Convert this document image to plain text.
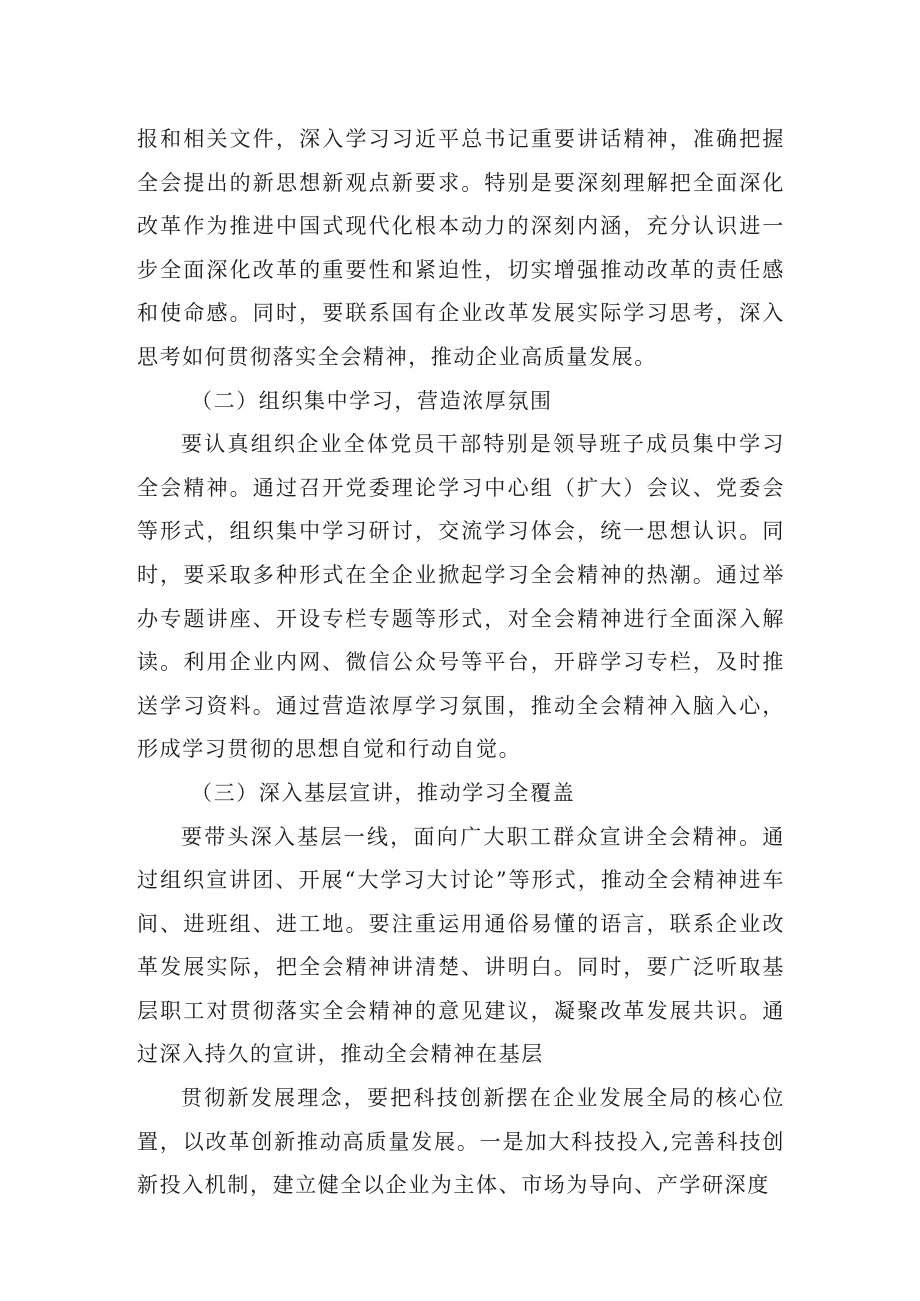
报和相关文件，深入学习习近平总书记重要讲话精神，准确把握全会提出的新思想新观点新要求。特别是要深刻理解把全面深化改革作为推进中国式现代化根本动力的深刻内涵，充分认识进一步全面深化改革的重要性和紧迫性，切实增强推动改革的责任感和使命感。同时，要联系国有企业改革发展实际学习思考，深入思考如何贯彻落实全会精神，推动企业高质量发展。

（二）组织集中学习，营造浓厚氛围

要认真组织企业全体党员干部特别是领导班子成员集中学习全会精神。通过召开党委理论学习中心组（扩大）会议、党委会等形式，组织集中学习研讨，交流学习体会，统一思想认识。同时，要采取多种形式在全企业掀起学习全会精神的热潮。通过举办专题讲座、开设专栏专题等形式，对全会精神进行全面深入解读。利用企业内网、微信公众号等平台，开辟学习专栏，及时推送学习资料。通过营造浓厚学习氛围，推动全会精神入脑入心，形成学习贯彻的思想自觉和行动自觉。

（三）深入基层宣讲，推动学习全覆盖

要带头深入基层一线，面向广大职工群众宣讲全会精神。通过组织宣讲团、开展“大学习大讨论”等形式，推动全会精神进车间、进班组、进工地。要注重运用通俗易懂的语言，联系企业改革发展实际，把全会精神讲清楚、讲明白。同时，要广泛听取基层职工对贯彻落实全会精神的意见建议，凝聚改革发展共识。通过深入持久的宣讲，推动全会精神在基层

贯彻新发展理念，要把科技创新摆在企业发展全局的核心位置，以改革创新推动高质量发展。一是加大科技投入,完善科技创新投入机制，建立健全以企业为主体、市场为导向、产学研深度
